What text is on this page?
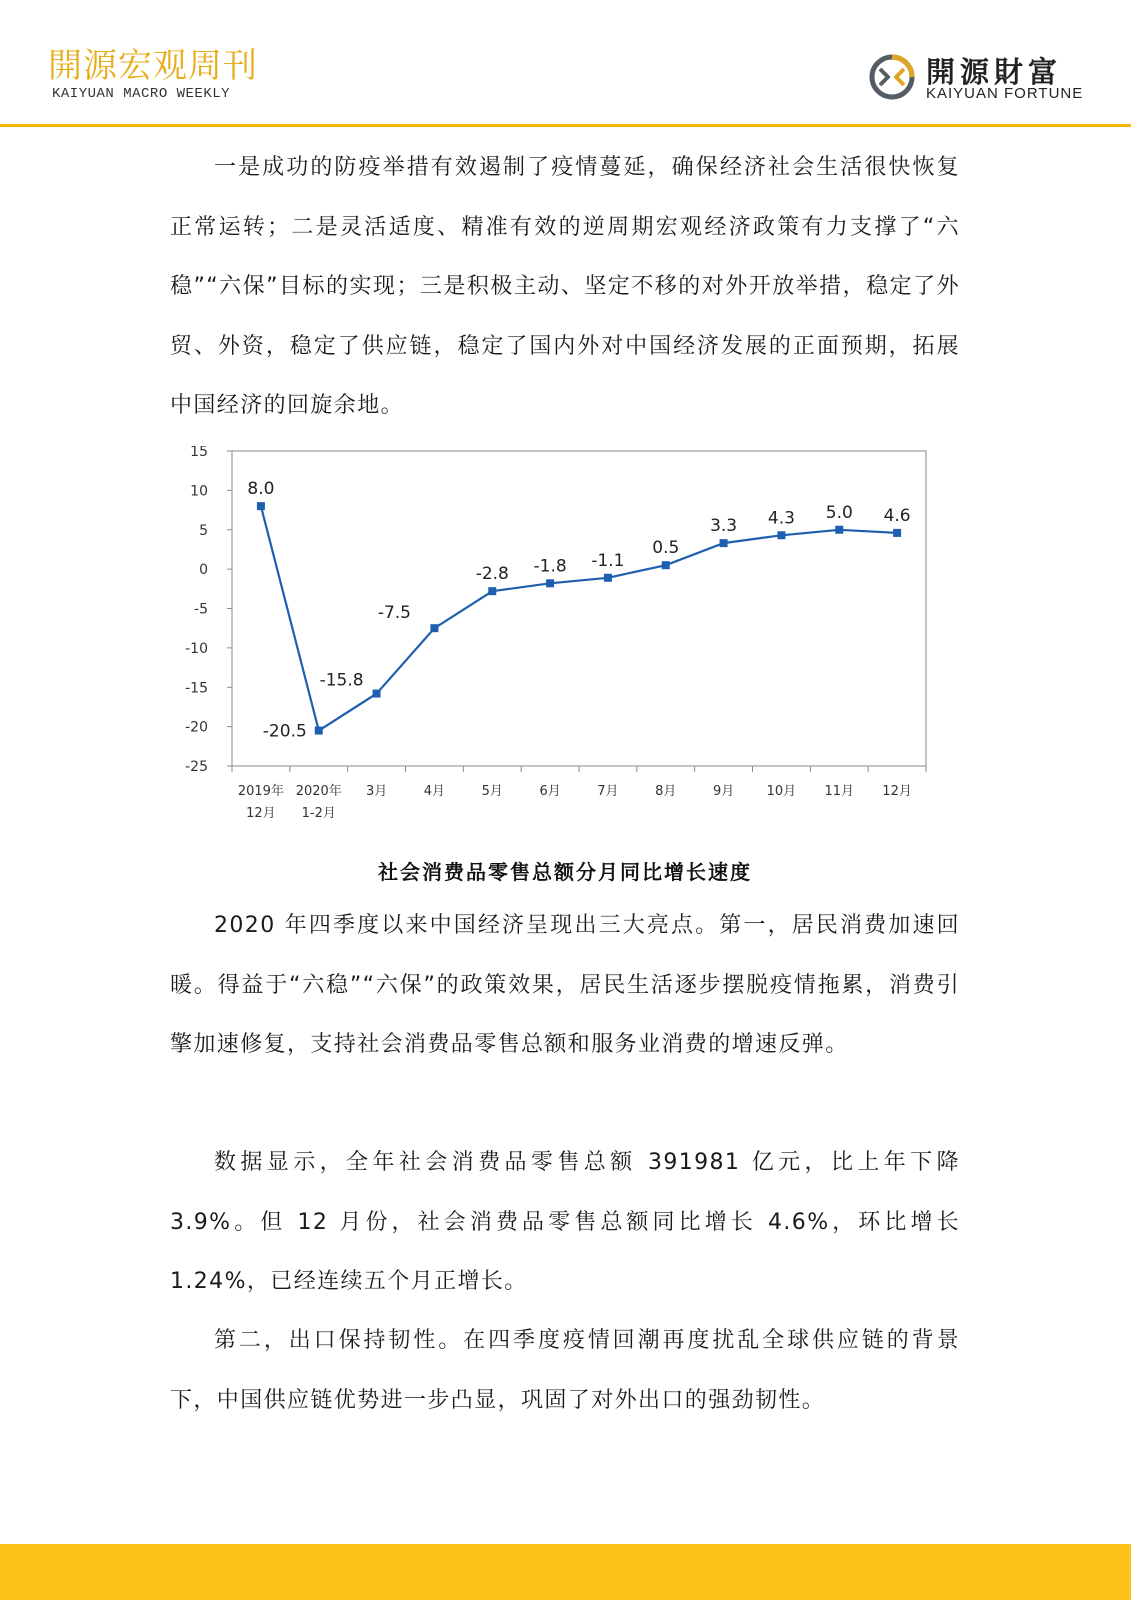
開源宏观周刊
KAIYUAN MACRO WEEKLY
開源財富
KAIYUAN FORTUNE

一是成功的防疫举措有效遏制了疫情蔓延，确保经济社会生活很快恢复正常运转；二是灵活适度、精准有效的逆周期宏观经济政策有力支撑了“六稳”“六保”目标的实现；三是积极主动、坚定不移的对外开放举措，稳定了外贸、外资，稳定了供应链，稳定了国内外对中国经济发展的正面预期，拓展中国经济的回旋余地。

15
10
5
0
-5
-10
-15
-20
-25
2019年
12月
2020年
1-2月
3月	4月	5月	6月	7月	8月	9月 10月 11月 12月
8.0
-20.5
-15.8
-7.5
-2.8 -1.8 -1.1
0.5
3.3 4.3 5.0 4.6

社会消费品零售总额分月同比增长速度

2020 年四季度以来中国经济呈现出三大亮点。第一，居民消费加速回暖。得益于“六稳”“六保”的政策效果，居民生活逐步摆脱疫情拖累，消费引擎加速修复，支持社会消费品零售总额和服务业消费的增速反弹。

数据显示，全年社会消费品零售总额 391981 亿元，比上年下降 3.9%。但 12 月份，社会消费品零售总额同比增长 4.6%，环比增长 1.24%，已经连续五个月正增长。

第二，出口保持韧性。在四季度疫情回潮再度扰乱全球供应链的背景下，中国供应链优势进一步凸显，巩固了对外出口的强劲韧性。
